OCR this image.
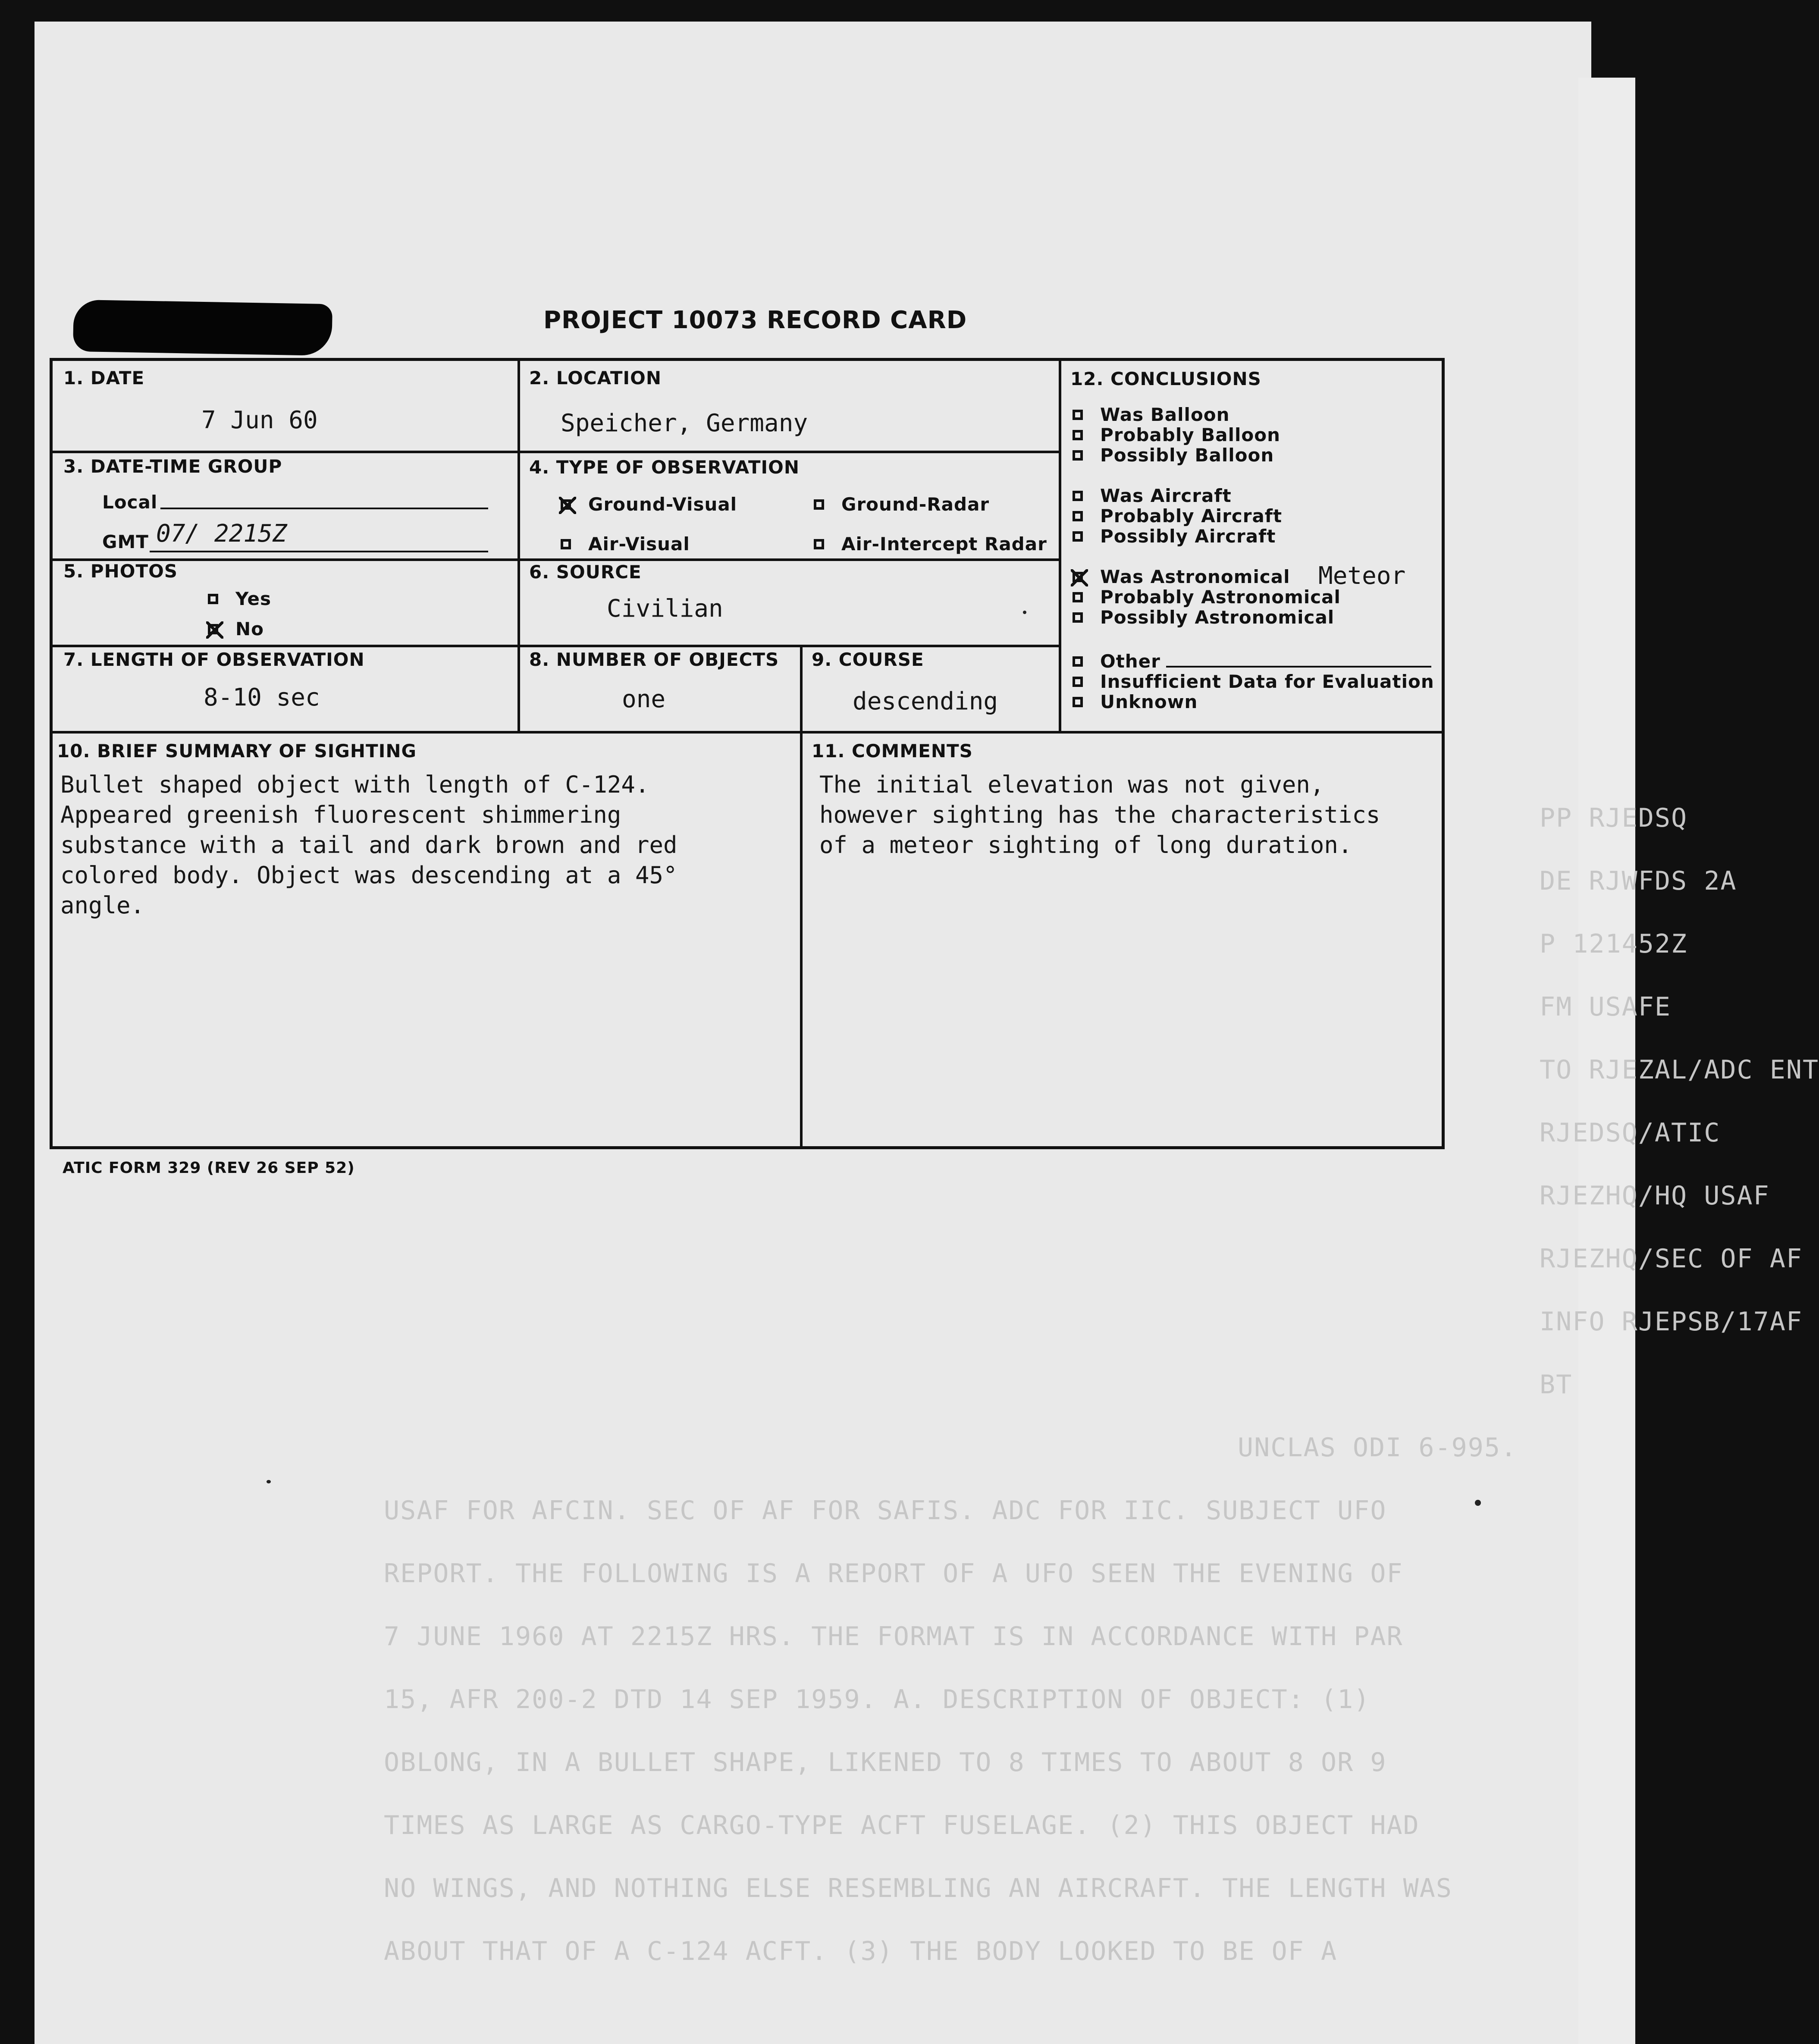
PP RJEDSQ
DE RJWFDS 2A
P 121452Z
FM USAFE
TO RJEZAL/ADC ENT
RJEDSQ/ATIC
RJEZHQ/HQ USAF
RJEZHQ/SEC OF AF
INFO RJEPSB/17AF
BT
UNCLAS ODI 6-995.
USAF FOR AFCIN. SEC OF AF FOR SAFIS. ADC FOR IIC. SUBJECT UFO
REPORT. THE FOLLOWING IS A REPORT OF A UFO SEEN THE EVENING OF
7 JUNE 1960 AT 2215Z HRS. THE FORMAT IS IN ACCORDANCE WITH PAR
15, AFR 200-2 DTD 14 SEP 1959. A. DESCRIPTION OF OBJECT: (1)
OBLONG, IN A BULLET SHAPE, LIKENED TO 8 TIMES TO ABOUT 8 OR 9
TIMES AS LARGE AS CARGO-TYPE ACFT FUSELAGE. (2) THIS OBJECT HAD
NO WINGS, AND NOTHING ELSE RESEMBLING AN AIRCRAFT. THE LENGTH WAS
ABOUT THAT OF A C-124 ACFT. (3) THE BODY LOOKED TO BE OF A
PROJECT 10073 RECORD CARD
1. DATE
7 Jun 60
2. LOCATION
Speicher, Germany
3. DATE-TIME GROUP
Local
GMT 07/ 2215Z
4. TYPE OF OBSERVATION
Ground-Visual	Ground-Radar
Air-Visual	Air-Intercept Radar
5. PHOTOS
Yes
No
6. SOURCE
Civilian
7. LENGTH OF OBSERVATION
8-10 sec
8. NUMBER OF OBJECTS
one
9. COURSE
descending
12. CONCLUSIONS
Was Balloon
Probably Balloon
Possibly Balloon
Was Aircraft
Probably Aircraft
Possibly Aircraft
Was Astronomical Meteor
Probably Astronomical
Possibly Astronomical
Other
Insufficient Data for Evaluation
Unknown
10. BRIEF SUMMARY OF SIGHTING
Bullet shaped object with length of C-124.
Appeared greenish fluorescent shimmering
substance with a tail and dark brown and red
colored body. Object was descending at a 45°
angle.
11. COMMENTS
The initial elevation was not given,
however sighting has the characteristics
of a meteor sighting of long duration.
ATIC FORM 329 (REV 26 SEP 52)
